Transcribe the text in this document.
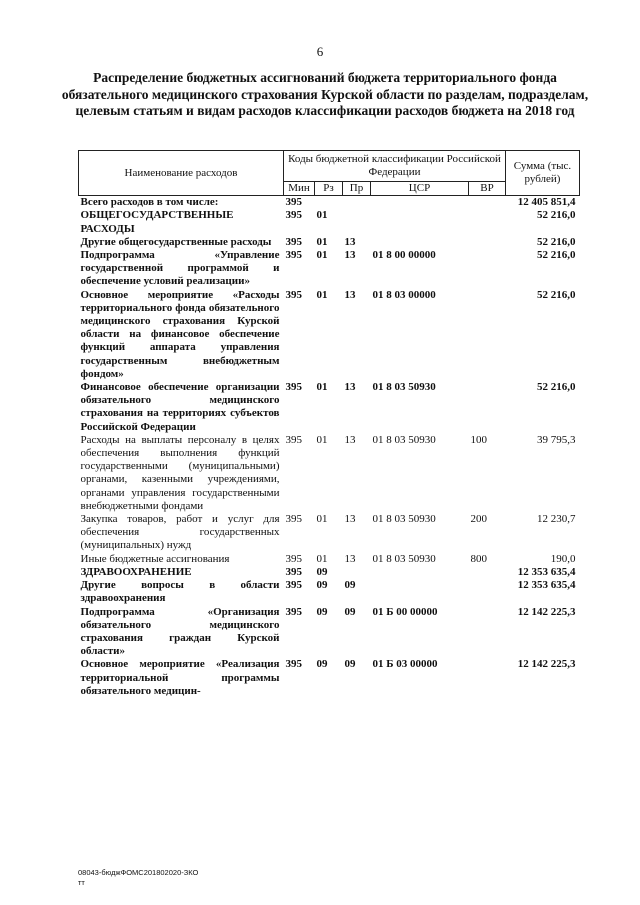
6
Распределение бюджетных ассигнований бюджета территориального фонда обязательного медицинского страхования Курской области по разделам, подразделам, целевым статьям и видам расходов классификации расходов бюджета на 2018 год
Наименование расходов	Коды бюджетной классификации Российской Федерации					Сумма (тыс. рублей)
	Мин	Рз	Пр	ЦСР	ВР	
Всего расходов в том числе:	395					12 405 851,4
ОБЩЕГОСУДАРСТВЕННЫЕ РАСХОДЫ	395	01				52 216,0
Другие общегосударственные расходы	395	01	13			52 216,0
Подпрограмма «Управление государственной программой и обеспечение условий реализации»	395	01	13	01 8 00 00000		52 216,0
Основное мероприятие «Расходы территориального фонда обязательного медицинского страхования Курской области на финансовое обеспечение функций аппарата управления государственным внебюджетным фондом»	395	01	13	01 8 03 00000		52 216,0
Финансовое обеспечение организации обязательного медицинского страхования на территориях субъектов Российской Федерации	395	01	13	01 8 03 50930		52 216,0
Расходы на выплаты персоналу в целях обеспечения выполнения функций государственными (муниципальными) органами, казенными учреждениями, органами управления государственными внебюджетными фондами	395	01	13	01 8 03 50930	100	39 795,3
Закупка товаров, работ и услуг для обеспечения государственных (муниципальных) нужд	395	01	13	01 8 03 50930	200	12 230,7
Иные бюджетные ассигнования	395	01	13	01 8 03 50930	800	190,0
ЗДРАВООХРАНЕНИЕ	395	09				12 353 635,4
Другие вопросы в области здравоохранения	395	09	09			12 353 635,4
Подпрограмма «Организация обязательного медицинского страхования граждан Курской области»	395	09	09	01 Б 00 00000		12 142 225,3
Основное мероприятие «Реализация территориальной программы обязательного медицин-	395	09	09	01 Б 03 00000		12 142 225,3
08043-бюджФОМС201802020-ЗКО
тт
